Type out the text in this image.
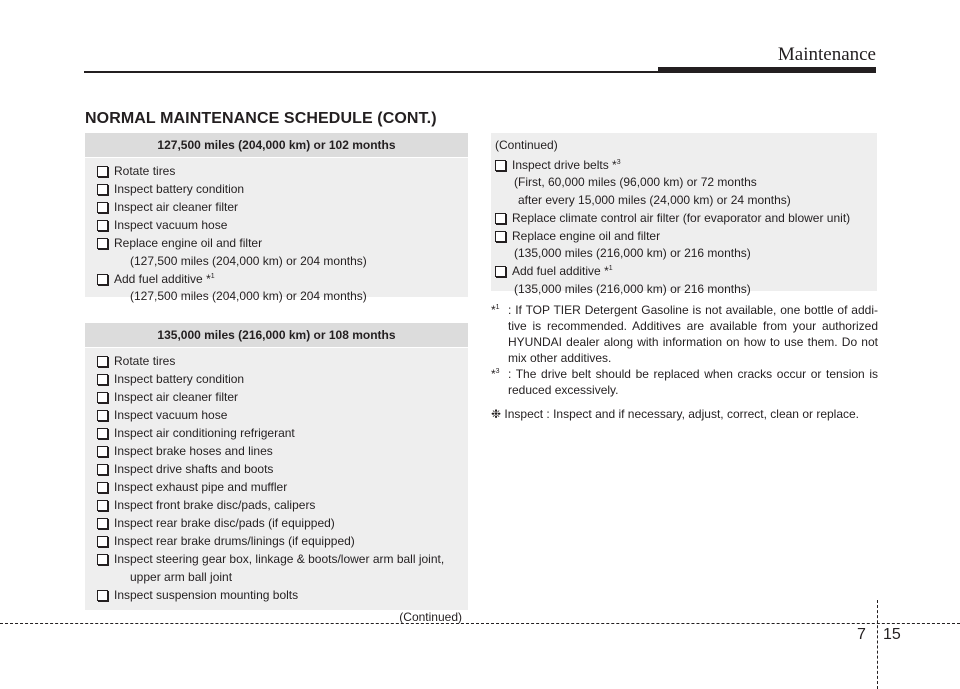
Maintenance
NORMAL MAINTENANCE SCHEDULE (CONT.)
127,500 miles (204,000 km) or 102 months
Rotate tires
Inspect battery condition
Inspect air cleaner filter
Inspect vacuum hose
Replace engine oil and filter
(127,500 miles (204,000 km) or 204 months)
Add fuel additive *$^1$
(127,500 miles (204,000 km) or 204 months)
135,000 miles (216,000 km) or 108 months
Rotate tires
Inspect battery condition
Inspect air cleaner filter
Inspect vacuum hose
Inspect air conditioning refrigerant
Inspect brake hoses and lines
Inspect drive shafts and boots
Inspect exhaust pipe and muffler
Inspect front brake disc/pads, calipers
Inspect rear brake disc/pads (if equipped)
Inspect rear brake drums/linings (if equipped)
Inspect steering gear box, linkage & boots/lower arm ball joint,
upper arm ball joint
Inspect suspension mounting bolts
(Continued)
(Continued)
Inspect drive belts *$^3$
(First, 60,000 miles (96,000 km) or 72 months
after every 15,000 miles (24,000 km) or 24 months)
Replace climate control air filter (for evaporator and blower unit)
Replace engine oil and filter
(135,000 miles (216,000 km) or 216 months)
Add fuel additive *$^1$
(135,000 miles (216,000 km) or 216 months)
*$^1$ : If TOP TIER Detergent Gasoline is not available, one bottle of addi-tive is recommended. Additives are available from your authorized HYUNDAI dealer along with information on how to use them. Do not mix other additives.
*$^3$ : The drive belt should be replaced when cracks occur or tension is reduced excessively.
❉ Inspect : Inspect and if necessary, adjust, correct, clean or replace.
7 15
